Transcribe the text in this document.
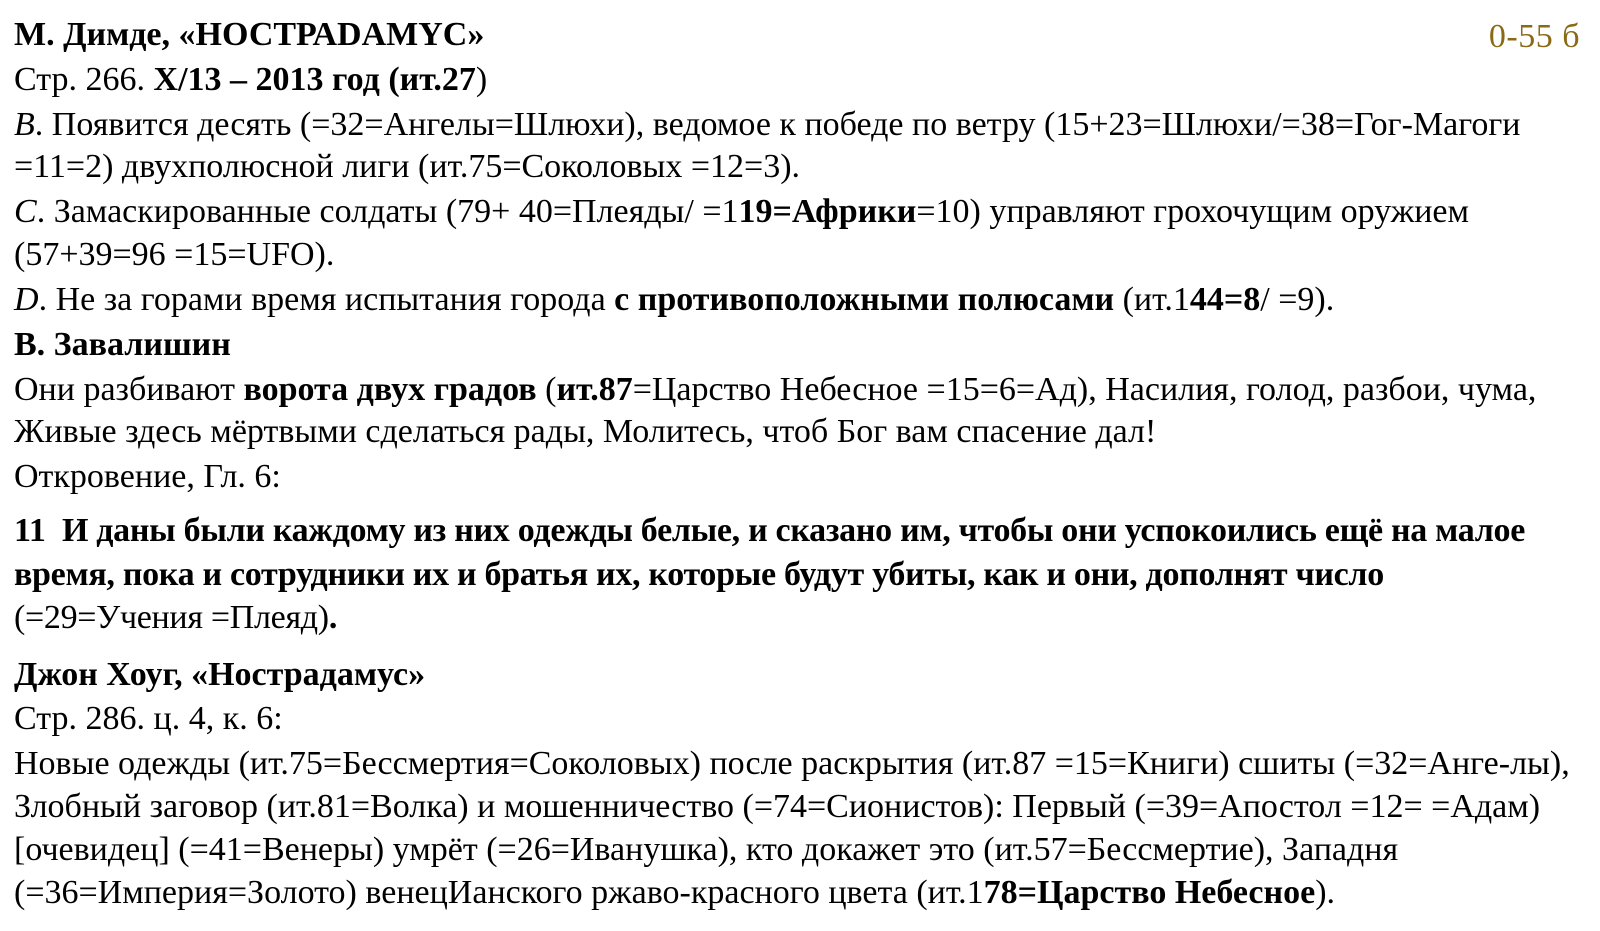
0-55 б
М. Димде, «НОСТРАDAMYC»

Стр. 266. X/13 – 2013 год (ит.27)

B. Появится десять (=32=Ангелы=Шлюхи), ведомое к победе по ветру (15+23=Шлюхи/=38=Гог-Магоги =11=2) двухполюсной лиги (ит.75=Соколовых =12=3).

C. Замаскированные солдаты (79+ 40=Плеяды/ =119=Африки=10) управляют грохочущим оружием (57+39=96 =15=UFO).

D. Не за горами время испытания города с противоположными полюсами (ит.144=8/ =9).

В. Завалишин

Они разбивают ворота двух градов (ит.87=Царство Небесное =15=6=Ад), Насилия, голод, разбои, чума, Живые здесь мёртвыми сделаться рады, Молитесь, чтоб Бог вам спасение дал!

Откровение, Гл. 6:

11 И даны были каждому из них одежды белые, и сказано им, чтобы они успокоились ещё на малое время, пока и сотрудники их и братья их, которые будут убиты, как и они, дополнят число (=29=Учения =Плеяд).

Джон Хоуг, «Нострадамус»

Стр. 286. ц. 4, к. 6:

Новые одежды (ит.75=Бессмертия=Соколовых) после раскрытия (ит.87 =15=Книги) сшиты (=32=Анге-лы), Злобный заговор (ит.81=Волка) и мошенничество (=74=Сионистов): Первый (=39=Апостол =12= =Адам) [очевидец] (=41=Венеры) умрёт (=26=Иванушка), кто докажет это (ит.57=Бессмертие), Западня (=36=Империя=Золото) венецИанского ржаво-красного цвета (ит.178=Царство Небесное).
